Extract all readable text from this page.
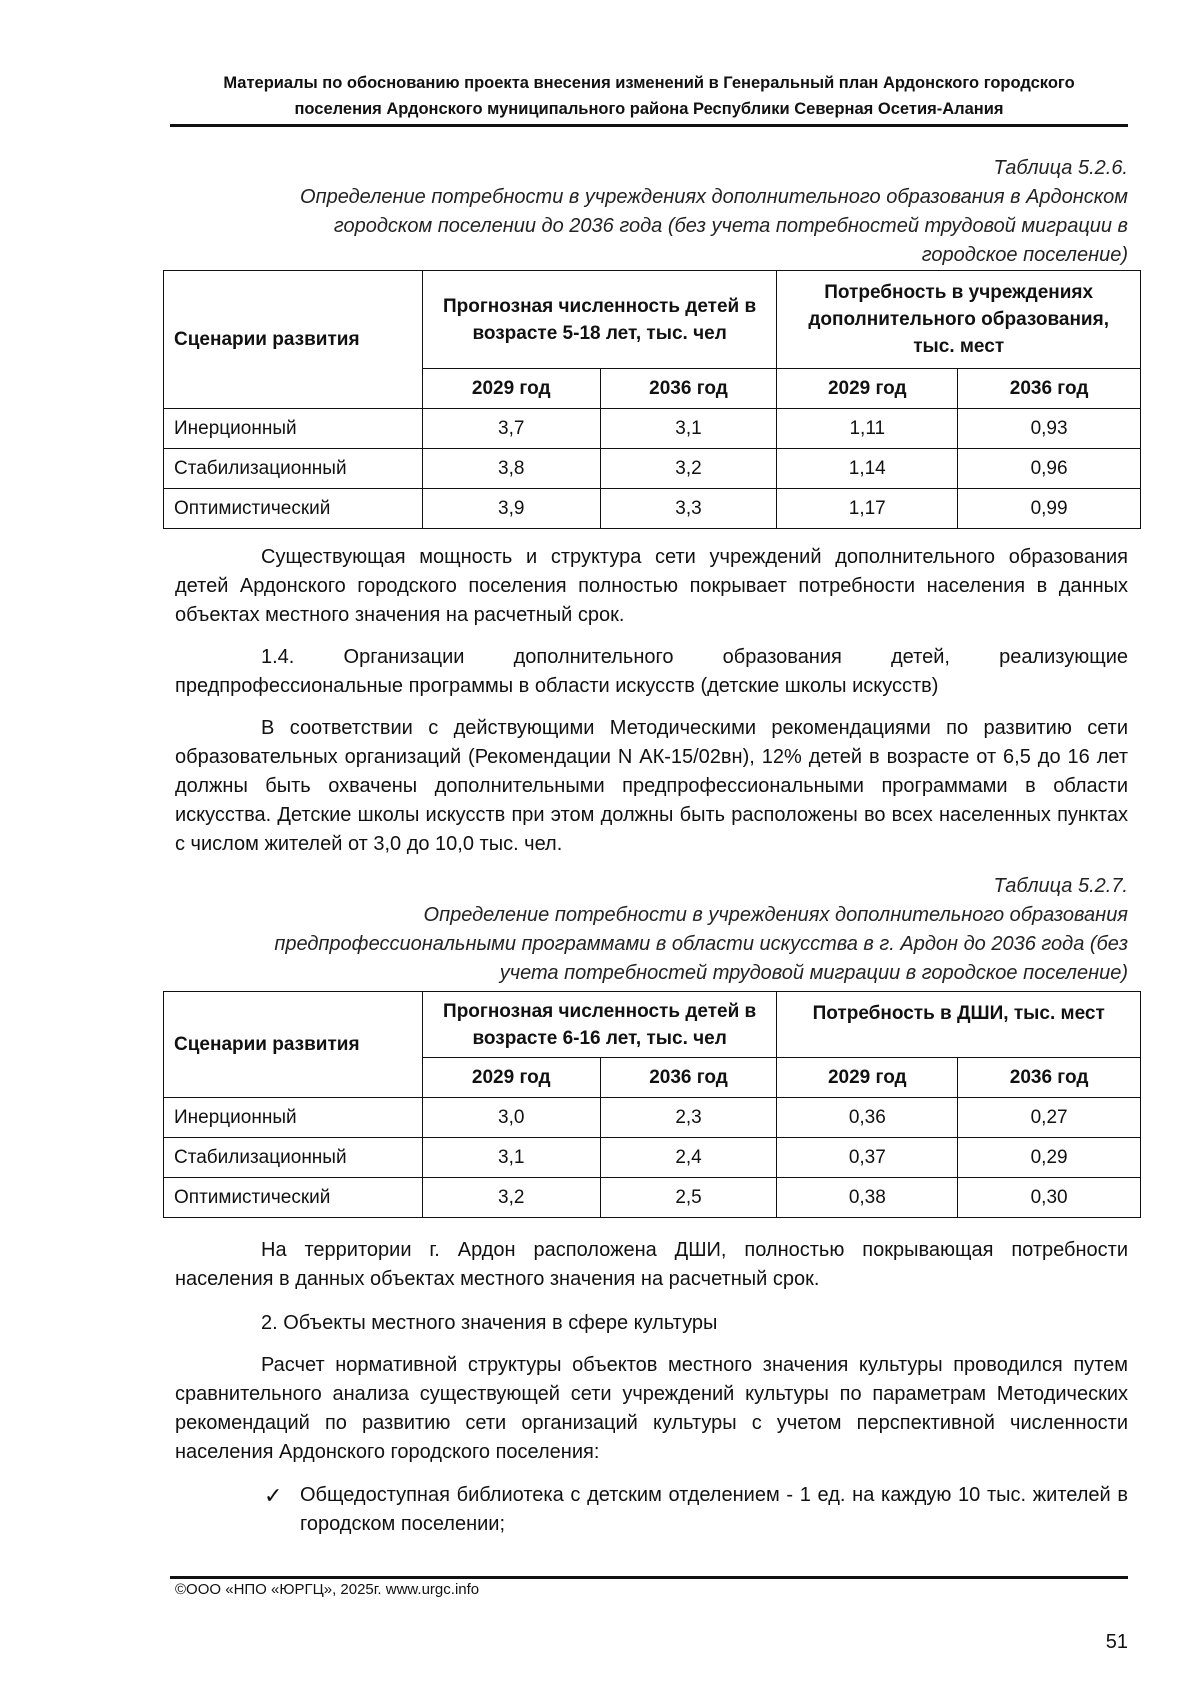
Материалы по обоснованию проекта внесения изменений в Генеральный план Ардонского городского
поселения Ардонского муниципального района Республики Северная Осетия-Алания
Таблица 5.2.6.
Определение потребности в учреждениях дополнительного образования в Ардонском
городском поселении до 2036 года (без учета потребностей трудовой миграции в
городское поселение)
Сценарии развития	Прогнозная численность детей в возрасте 5-18 лет, тыс. чел		Потребность в учреждениях дополнительного образования, тыс. мест	
	2029 год	2036 год	2029 год	2036 год
Инерционный	3,7	3,1	1,11	0,93
Стабилизационный	3,8	3,2	1,14	0,96
Оптимистический	3,9	3,3	1,17	0,99
Существующая мощность и структура сети учреждений дополнительного образования детей Ардонского городского поселения полностью покрывает потребности населения в данных объектах местного значения на расчетный срок.
1.4. Организации дополнительного образования детей, реализующие предпрофессиональные программы в области искусств (детские школы искусств)
В соответствии с действующими Методическими рекомендациями по развитию сети образовательных организаций (Рекомендации N АК-15/02вн), 12% детей в возрасте от 6,5 до 16 лет должны быть охвачены дополнительными предпрофессиональными программами в области искусства. Детские школы искусств при этом должны быть расположены во всех населенных пунктах с числом жителей от 3,0 до 10,0 тыс. чел.
Таблица 5.2.7.
Определение потребности в учреждениях дополнительного образования
предпрофессиональными программами в области искусства в г. Ардон до 2036 года (без
учета потребностей трудовой миграции в городское поселение)
Сценарии развития	Прогнозная численность детей в возрасте 6-16 лет, тыс. чел		Потребность в ДШИ, тыс. мест	
	2029 год	2036 год	2029 год	2036 год
Инерционный	3,0	2,3	0,36	0,27
Стабилизационный	3,1	2,4	0,37	0,29
Оптимистический	3,2	2,5	0,38	0,30
На территории г. Ардон расположена ДШИ, полностью покрывающая потребности населения в данных объектах местного значения на расчетный срок.
2. Объекты местного значения в сфере культуры
Расчет нормативной структуры объектов местного значения культуры проводился путем сравнительного анализа существующей сети учреждений культуры по параметрам Методических рекомендаций по развитию сети организаций культуры с учетом перспективной численности населения Ардонского городского поселения:
✓ Общедоступная библиотека с детским отделением - 1 ед. на каждую 10 тыс. жителей в городском поселении;
©ООО «НПО «ЮРГЦ», 2025г. www.urgc.info
51
